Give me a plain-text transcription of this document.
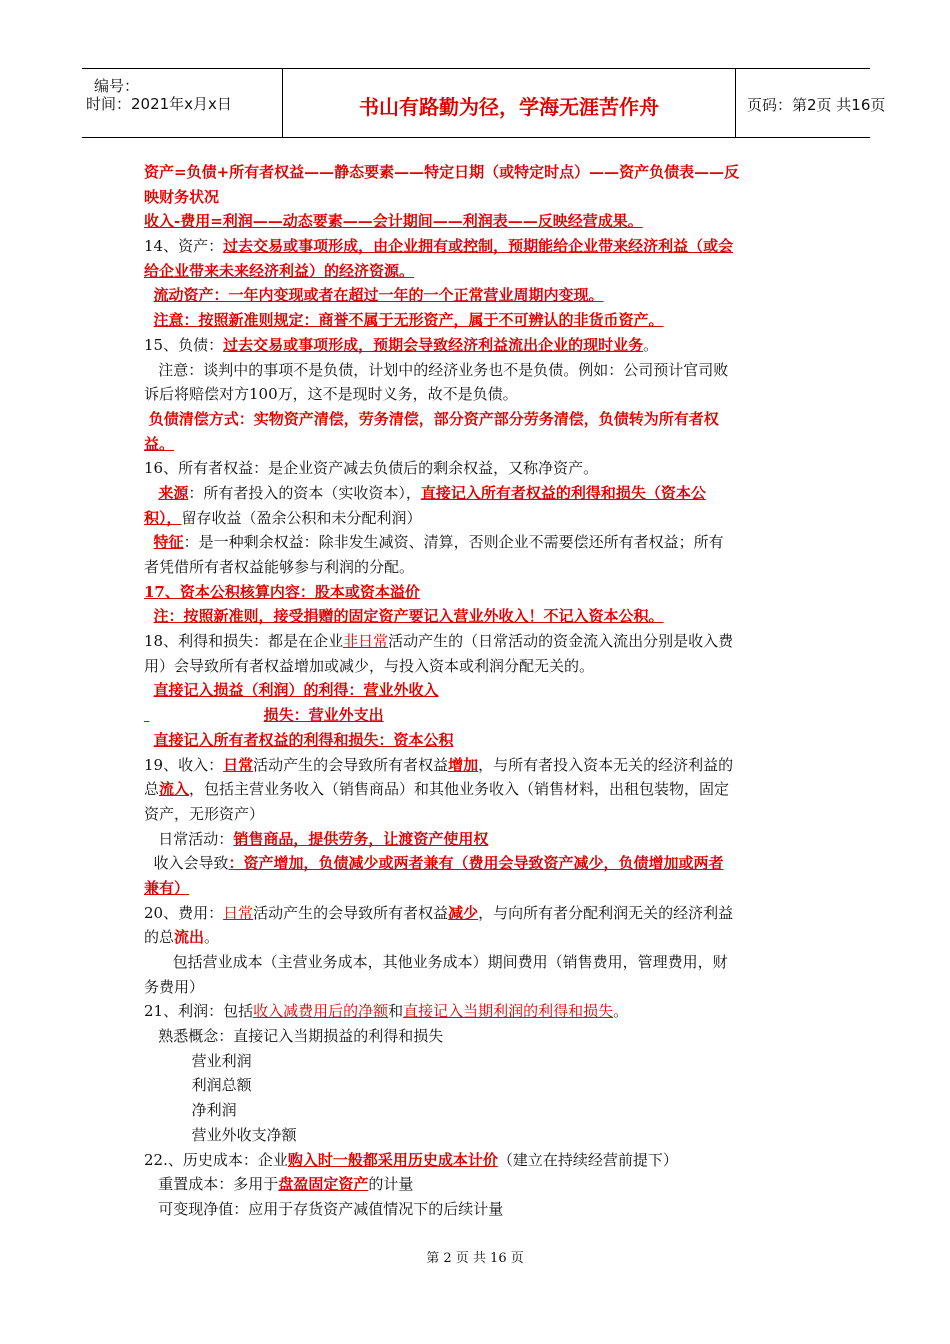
编号：
时间：2021年x月x日	书山有路勤为径，学海无涯苦作舟	页码：第2页 共16页
资产=负债+所有者权益——静态要素——特定日期（或特定时点）——资产负债表——反
映财务状况
收入-费用=利润——动态要素——会计期间——利润表——反映经营成果。
14、资产：过去交易或事项形成，由企业拥有或控制，预期能给企业带来经济利益（或会
给企业带来未来经济利益）的经济资源。
流动资产：一年内变现或者在超过一年的一个正常营业周期内变现。
注意：按照新准则规定：商誉不属于无形资产，属于不可辨认的非货币资产。
15、负债：过去交易或事项形成，预期会导致经济利益流出企业的现时业务。
注意：谈判中的事项不是负债，计划中的经济业务也不是负债。例如：公司预计官司败
诉后将赔偿对方100万，这不是现时义务，故不是负债。
负债清偿方式：实物资产清偿，劳务清偿，部分资产部分劳务清偿，负债转为所有者权
益。
16、所有者权益：是企业资产减去负债后的剩余权益，又称净资产。
来源：所有者投入的资本（实收资本），直接记入所有者权益的利得和损失（资本公
积），留存收益（盈余公积和未分配利润）
特征：是一种剩余权益：除非发生减资、清算，否则企业不需要偿还所有者权益；所有
者凭借所有者权益能够参与利润的分配。
17、资本公积核算内容：股本或资本溢价
注：按照新准则，接受捐赠的固定资产要记入营业外收入！不记入资本公积。
18、利得和损失：都是在企业非日常活动产生的（日常活动的资金流入流出分别是收入费
用）会导致所有者权益增加或减少，与投入资本或利润分配无关的。
直接记入损益（利润）的利得：营业外收入
损失：营业外支出
直接记入所有者权益的利得和损失：资本公积
19、收入：日常活动产生的会导致所有者权益增加，与所有者投入资本无关的经济利益的
总流入，包括主营业务收入（销售商品）和其他业务收入（销售材料，出租包装物，固定
资产，无形资产）
日常活动：销售商品，提供劳务，让渡资产使用权
收入会导致：资产增加，负债减少或两者兼有（费用会导致资产减少，负债增加或两者
兼有）
20、费用：日常活动产生的会导致所有者权益减少，与向所有者分配利润无关的经济利益
的总流出。
包括营业成本（主营业务成本，其他业务成本）期间费用（销售费用，管理费用，财
务费用）
21、利润：包括收入减费用后的净额和直接记入当期利润的利得和损失。
熟悉概念：直接记入当期损益的利得和损失
营业利润
利润总额
净利润
营业外收支净额
22.、历史成本：企业购入时一般都采用历史成本计价（建立在持续经营前提下）
重置成本：多用于盘盈固定资产的计量
可变现净值：应用于存货资产减值情况下的后续计量
第 2 页 共 16 页
